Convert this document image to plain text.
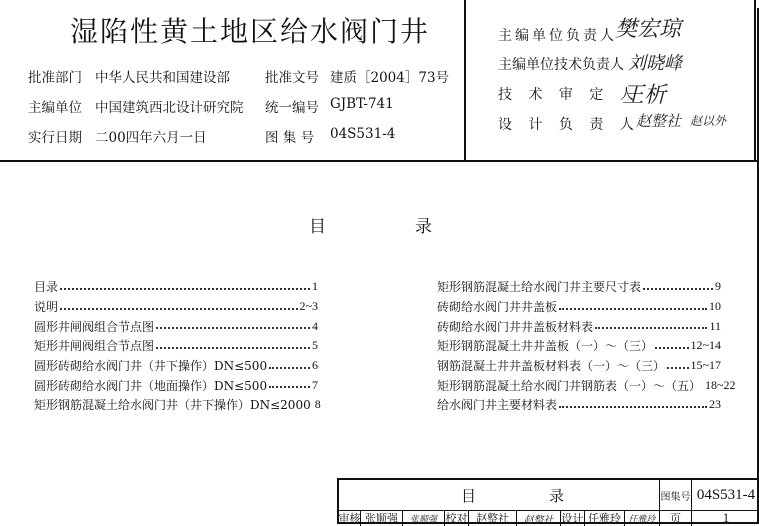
湿陷性黄土地区给水阀门井
批准部门 中华人民共和国建设部
主编单位 中国建筑西北设计研究院
实行日期 二00四年六月一日
批准文号 建质［2004］73号
统一编号 GJBT-741
图 集 号 04S531-4
主编单位负责人
樊宏琼
主编单位技术负责人 刘晓峰
技 术 审 定 人
王析
设 计 负 责 人
赵整社 赵以外
目	录
目录	1
说明	2~3
圆形井闸阀组合节点图	4
矩形井闸阀组合节点图	5
圆形砖砌给水阀门井（井下操作）DN≤500	6
圆形砖砌给水阀门井（地面操作）DN≤500	7
矩形钢筋混凝土给水阀门井（井下操作）DN≤2000 8
矩形钢筋混凝土给水阀门井主要尺寸表	9
砖砌给水阀门井井盖板	10
砖砌给水阀门井井盖板材料表	11
矩形钢筋混凝土井井盖板（一）～（三）	12~14
钢筋混凝土井井盖板材料表（一）～（三） 15~17
矩形钢筋混凝土给水阀门井钢筋表（一）～（五） 18~22
给水阀门井主要材料表	23
目	录	图集号 04S531-4
审核 张顺强	张顺强 校对 赵整社	赵整社 设计 任雅玲 任雅玲	页	1
